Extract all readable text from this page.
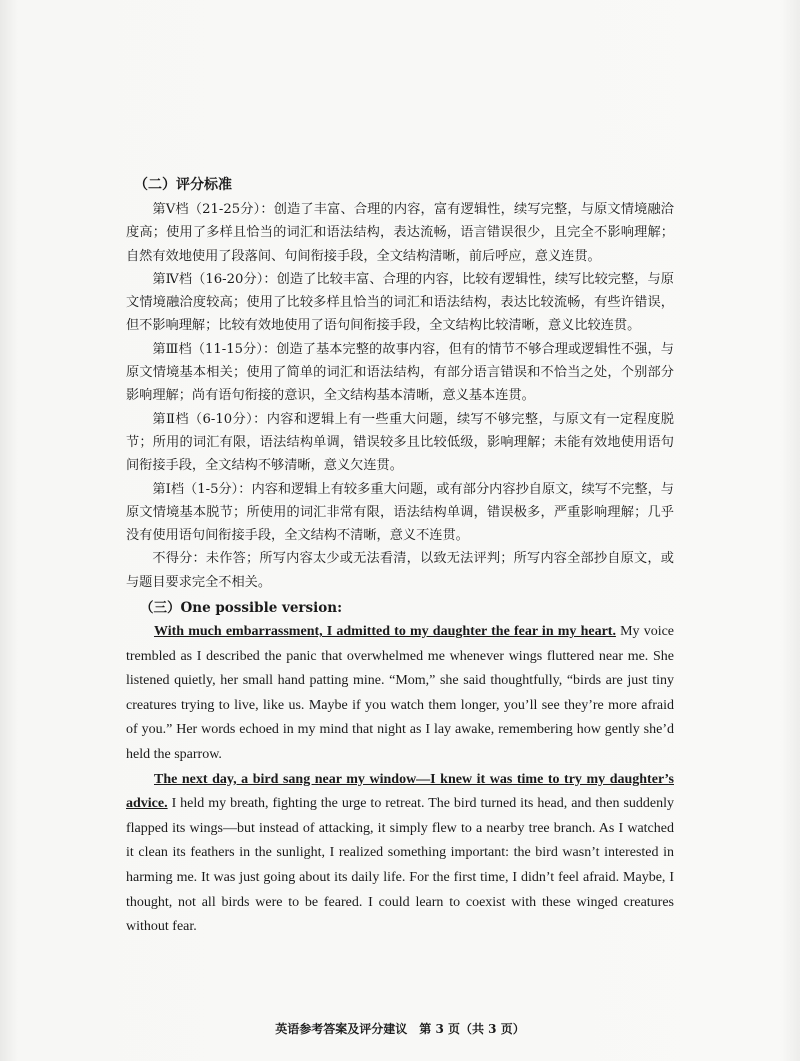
（二）评分标准

第Ⅴ档（21-25分）：创造了丰富、合理的内容，富有逻辑性，续写完整，与原文情境融洽度高；使用了多样且恰当的词汇和语法结构，表达流畅，语言错误很少，且完全不影响理解；自然有效地使用了段落间、句间衔接手段，全文结构清晰，前后呼应，意义连贯。

第Ⅳ档（16-20分）：创造了比较丰富、合理的内容，比较有逻辑性，续写比较完整，与原文情境融洽度较高；使用了比较多样且恰当的词汇和语法结构，表达比较流畅，有些许错误，但不影响理解；比较有效地使用了语句间衔接手段，全文结构比较清晰，意义比较连贯。

第Ⅲ档（11-15分）：创造了基本完整的故事内容，但有的情节不够合理或逻辑性不强，与原文情境基本相关；使用了简单的词汇和语法结构，有部分语言错误和不恰当之处，个别部分影响理解；尚有语句衔接的意识，全文结构基本清晰，意义基本连贯。

第Ⅱ档（6-10分）：内容和逻辑上有一些重大问题，续写不够完整，与原文有一定程度脱节；所用的词汇有限，语法结构单调，错误较多且比较低级，影响理解；未能有效地使用语句间衔接手段，全文结构不够清晰，意义欠连贯。

第Ⅰ档（1-5分）：内容和逻辑上有较多重大问题，或有部分内容抄自原文，续写不完整，与原文情境基本脱节；所使用的词汇非常有限，语法结构单调，错误极多，严重影响理解；几乎没有使用语句间衔接手段，全文结构不清晰，意义不连贯。

不得分：未作答；所写内容太少或无法看清，以致无法评判；所写内容全部抄自原文，或与题目要求完全不相关。

（三）One possible version:

With much embarrassment, I admitted to my daughter the fear in my heart. My voice trembled as I described the panic that overwhelmed me whenever wings fluttered near me. She listened quietly, her small hand patting mine. “Mom,” she said thoughtfully, “birds are just tiny creatures trying to live, like us. Maybe if you watch them longer, you’ll see they’re more afraid of you.” Her words echoed in my mind that night as I lay awake, remembering how gently she’d held the sparrow.

The next day, a bird sang near my window—I knew it was time to try my daughter’s advice. I held my breath, fighting the urge to retreat. The bird turned its head, and then suddenly flapped its wings—but instead of attacking, it simply flew to a nearby tree branch. As I watched it clean its feathers in the sunlight, I realized something important: the bird wasn’t interested in harming me. It was just going about its daily life. For the first time, I didn’t feel afraid. Maybe, I thought, not all birds were to be feared. I could learn to coexist with these winged creatures without fear.

英语参考答案及评分建议　第 3 页（共 3 页）
